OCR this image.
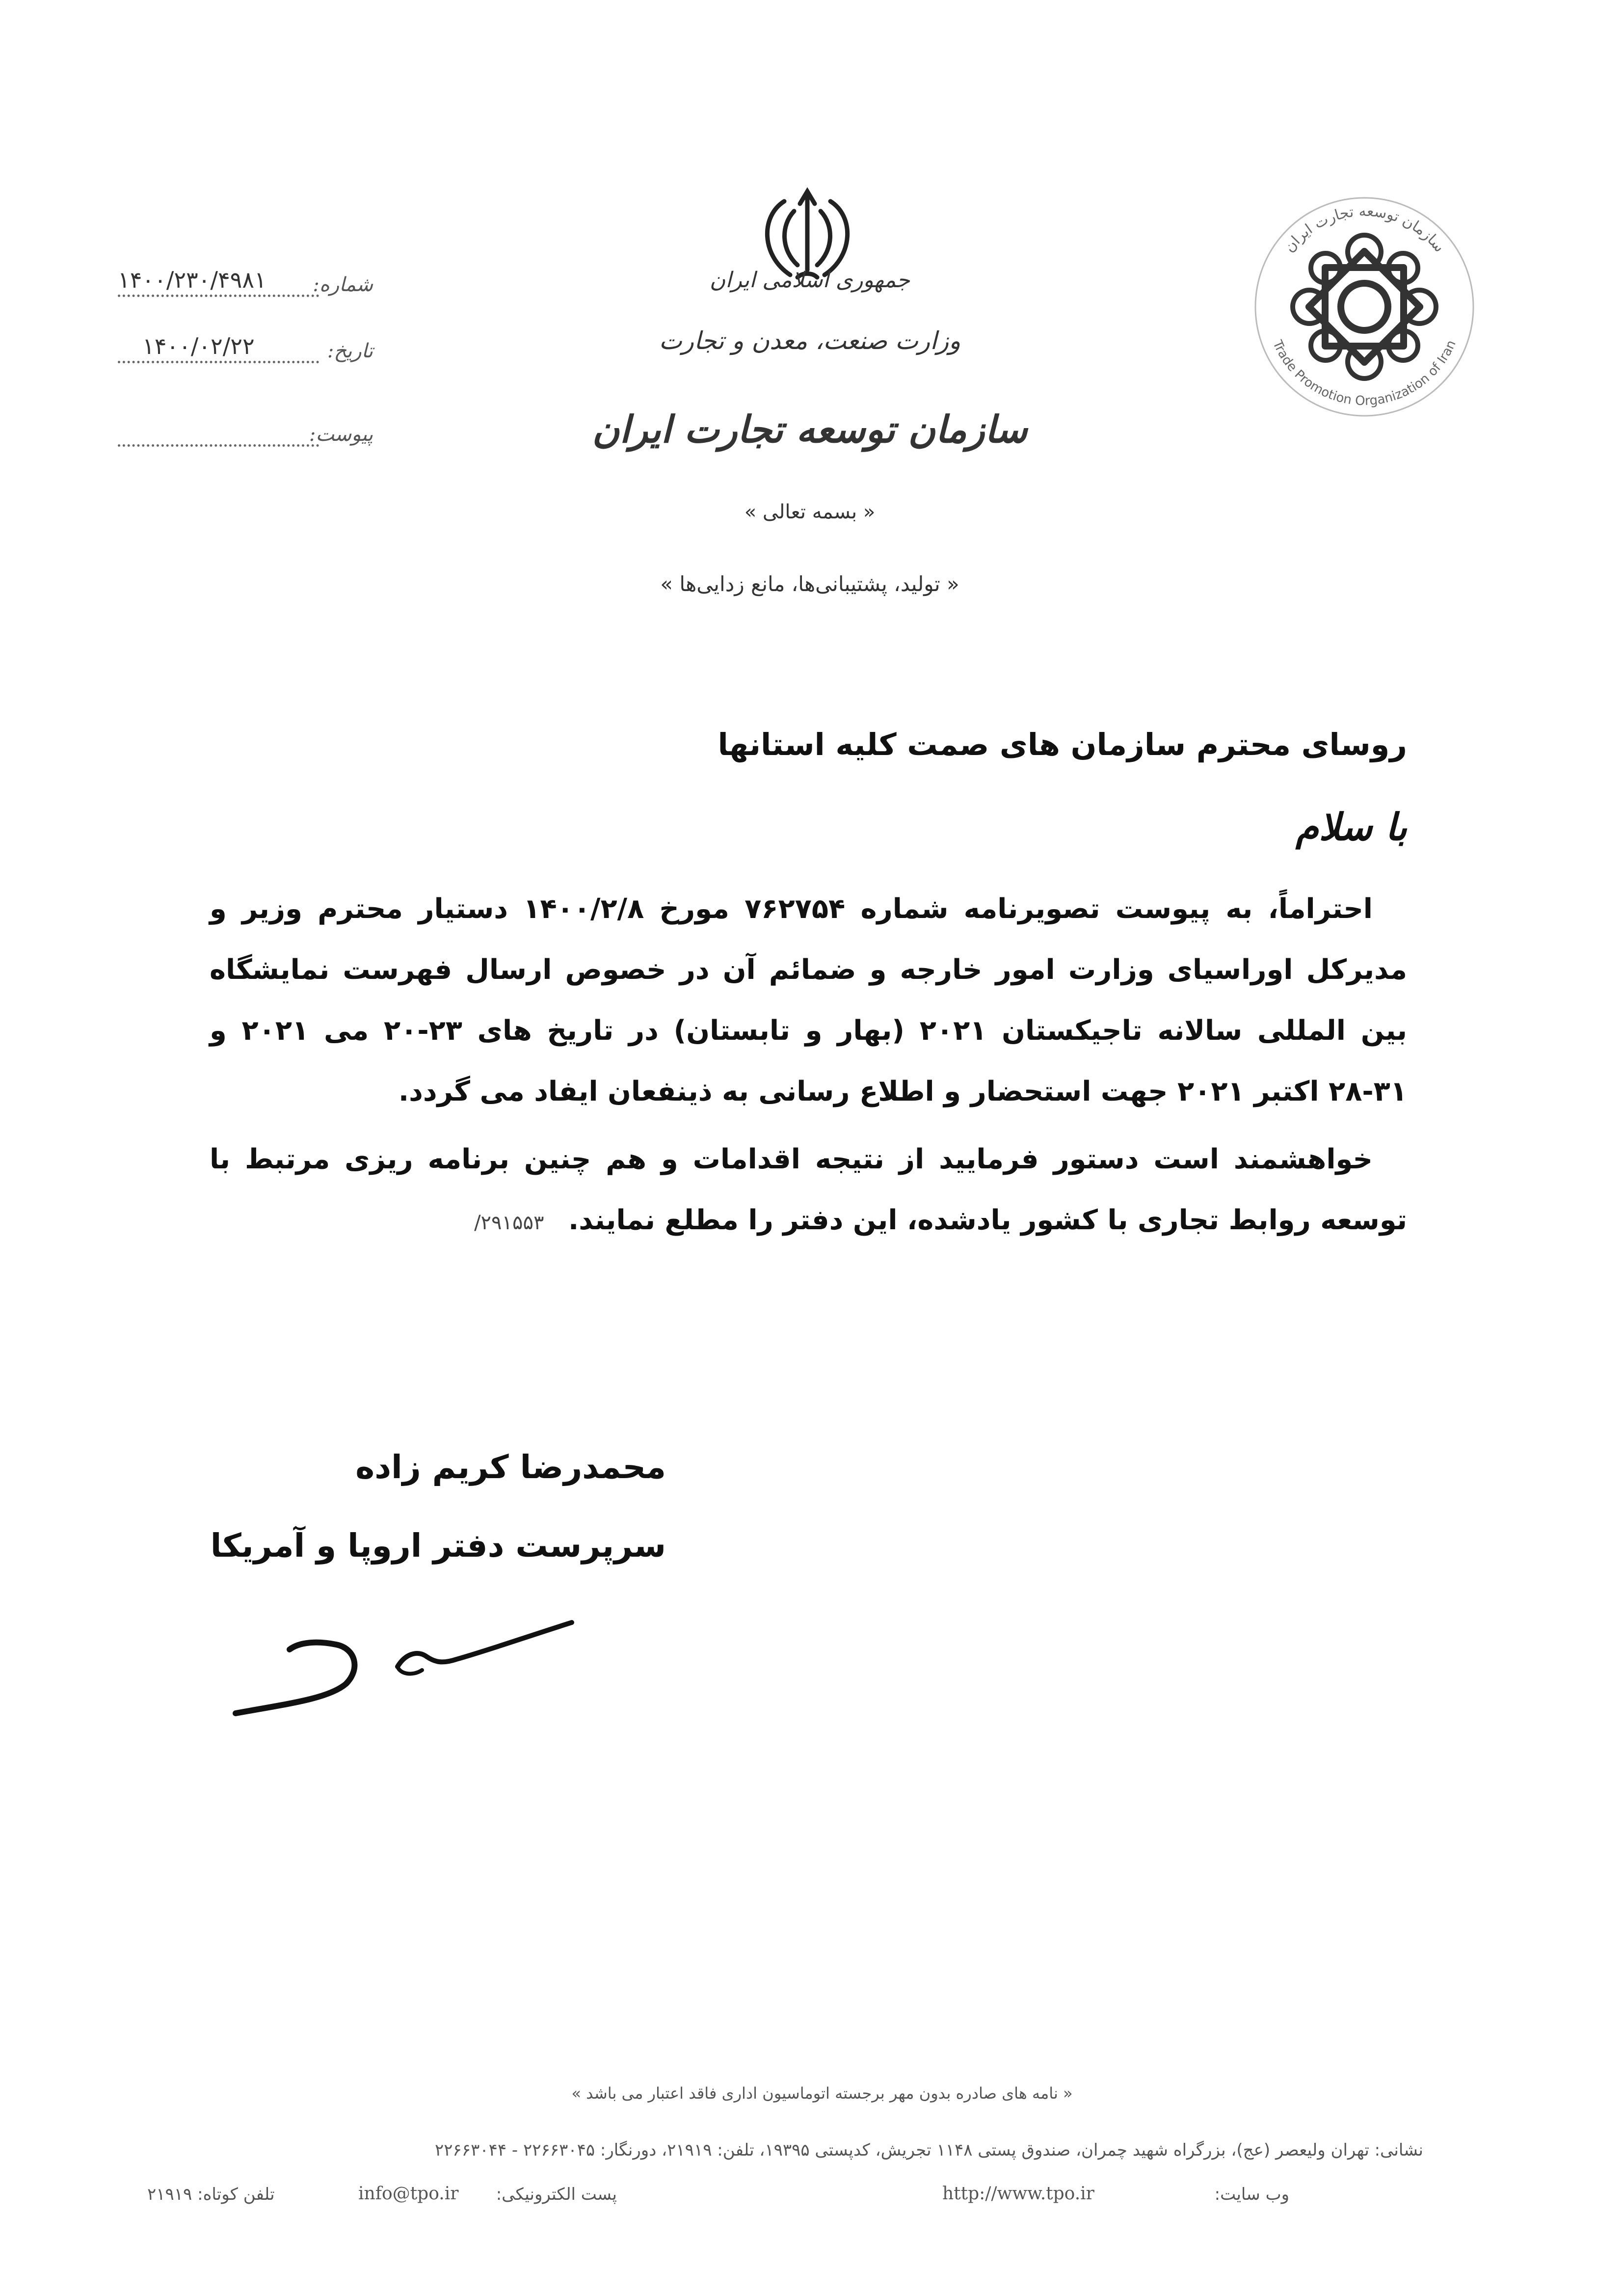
۱۴۰۰/۲۳۰/۴۹۸۱ شماره:
۱۴۰۰/۰۲/۲۲	تاریخ:
پیوست:
جمهوری اسلامی ایران
وزارت صنعت، معدن و تجارت
سازمان توسعه تجارت ایران
« بسمه تعالی »
« تولید، پشتیبانی‌ها، مانع زدایی‌ها »
سازمان توسعه تجارت ایران
Trade Promotion Organization of Iran
روسای محترم سازمان های صمت کلیه استانها
با سلام
احتراماً، به پیوست تصویرنامه شماره ۷۶۲۷۵۴ مورخ ۱۴۰۰/۲/۸ دستیار محترم وزیر و مدیرکل اوراسیای وزارت امور خارجه و ضمائم آن در خصوص ارسال فهرست نمایشگاه بین المللی سالانه تاجیکستان ۲۰۲۱ (بهار و تابستان) در تاریخ های ۲۳-۲۰ می ۲۰۲۱ و ۳۱-۲۸ اکتبر ۲۰۲۱ جهت استحضار و اطلاع رسانی به ذینفعان ایفاد می گردد.
خواهشمند است دستور فرمایید از نتیجه اقدامات و هم چنین برنامه ریزی مرتبط با توسعه روابط تجاری با کشور یادشده، این دفتر را مطلع نمایند. ۲۹۱۵۵۳/
محمدرضا کریم زاده
سرپرست دفتر اروپا و آمریکا
« نامه های صادره بدون مهر برجسته اتوماسیون اداری فاقد اعتبار می باشد »
نشانی: تهران ولیعصر (عج)، بزرگراه شهید چمران، صندوق پستی ۱۱۴۸ تجریش، کدپستی ۱۹۳۹۵، تلفن: ۲۱۹۱۹، دورنگار: ۲۲۶۶۳۰۴۵ - ۲۲۶۶۳۰۴۴
وب سایت:
http://www.tpo.ir
پست الکترونیکی:
info@tpo.ir
تلفن کوتاه: ۲۱۹۱۹
